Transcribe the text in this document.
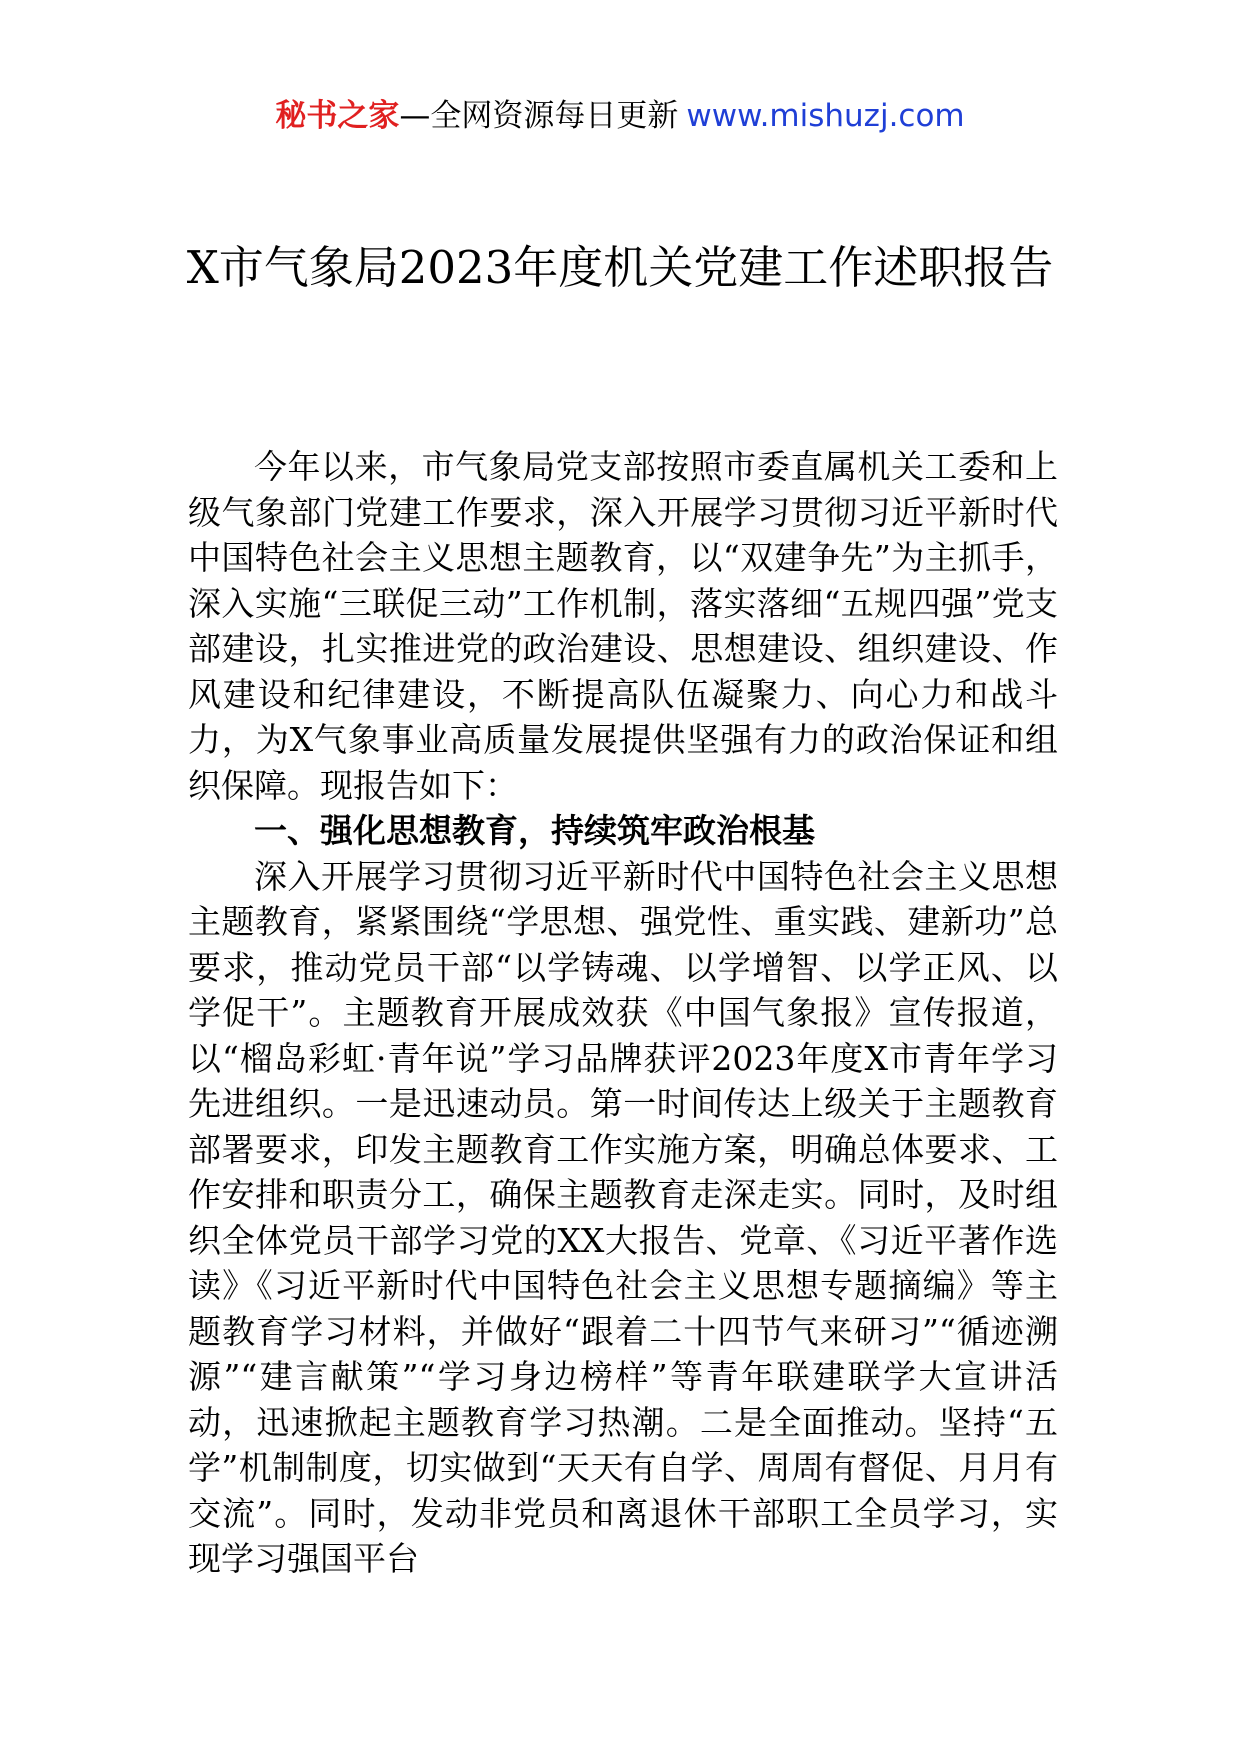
秘书之家—全网资源每日更新 www.mishuzj.com
X市气象局2023年度机关党建工作述职报告

今年以来，市气象局党支部按照市委直属机关工委和上级气象部门党建工作要求，深入开展学习贯彻习近平新时代中国特色社会主义思想主题教育，以“双建争先”为主抓手，深入实施“三联促三动”工作机制，落实落细“五规四强”党支部建设，扎实推进党的政治建设、思想建设、组织建设、作风建设和纪律建设，不断提高队伍凝聚力、向心力和战斗力，为X气象事业高质量发展提供坚强有力的政治保证和组织保障。现报告如下：

一、强化思想教育，持续筑牢政治根基

深入开展学习贯彻习近平新时代中国特色社会主义思想主题教育，紧紧围绕“学思想、强党性、重实践、建新功”总要求，推动党员干部“以学铸魂、以学增智、以学正风、以学促干”。主题教育开展成效获《中国气象报》宣传报道，以“榴岛彩虹·青年说”学习品牌获评2023年度X市青年学习先进组织。一是迅速动员。第一时间传达上级关于主题教育部署要求，印发主题教育工作实施方案，明确总体要求、工作安排和职责分工，确保主题教育走深走实。同时，及时组织全体党员干部学习党的XX大报告、党章、《习近平著作选读》《习近平新时代中国特色社会主义思想专题摘编》等主题教育学习材料，并做好“跟着二十四节气来研习”“循迹溯源”“建言献策”“学习身边榜样”等青年联建联学大宣讲活动，迅速掀起主题教育学习热潮。二是全面推动。坚持“五学”机制制度，切实做到“天天有自学、周周有督促、月月有交流”。同时，发动非党员和离退休干部职工全员学习，实现学习强国平台
